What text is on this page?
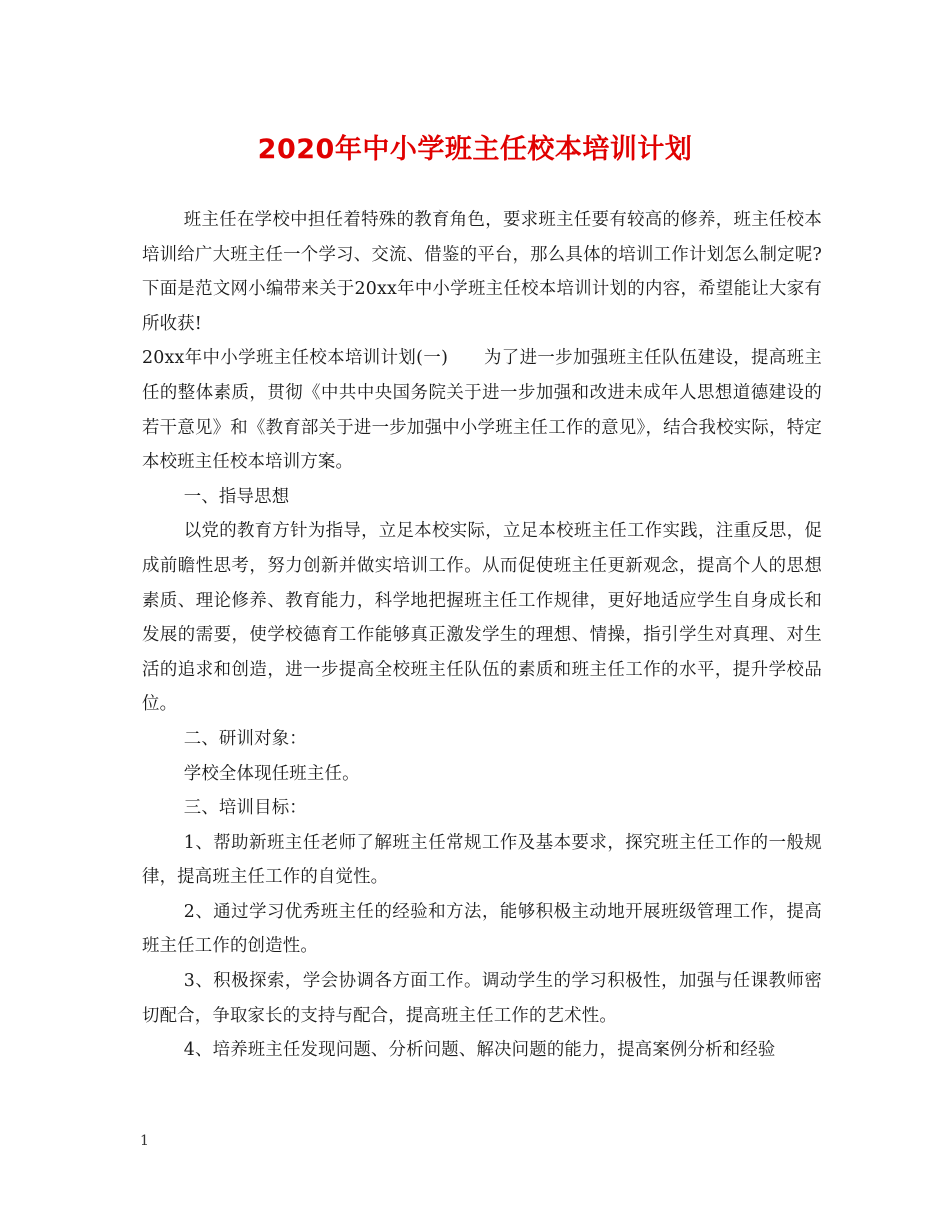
2020年中小学班主任校本培训计划

班主任在学校中担任着特殊的教育角色，要求班主任要有较高的修养，班主任校本培训给广大班主任一个学习、交流、借鉴的平台，那么具体的培训工作计划怎么制定呢?下面是范文网小编带来关于20xx年中小学班主任校本培训计划的内容，希望能让大家有所收获!

20xx年中小学班主任校本培训计划(一)　　为了进一步加强班主任队伍建设，提高班主任的整体素质，贯彻《中共中央国务院关于进一步加强和改进未成年人思想道德建设的若干意见》和《教育部关于进一步加强中小学班主任工作的意见》，结合我校实际，特定本校班主任校本培训方案。

一、指导思想

以党的教育方针为指导，立足本校实际，立足本校班主任工作实践，注重反思，促成前瞻性思考，努力创新并做实培训工作。从而促使班主任更新观念，提高个人的思想素质、理论修养、教育能力，科学地把握班主任工作规律，更好地适应学生自身成长和发展的需要，使学校德育工作能够真正激发学生的理想、情操，指引学生对真理、对生活的追求和创造，进一步提高全校班主任队伍的素质和班主任工作的水平，提升学校品位。

二、研训对象：

学校全体现任班主任。

三、培训目标：

1、帮助新班主任老师了解班主任常规工作及基本要求，探究班主任工作的一般规律，提高班主任工作的自觉性。

2、通过学习优秀班主任的经验和方法，能够积极主动地开展班级管理工作，提高班主任工作的创造性。

3、积极探索，学会协调各方面工作。调动学生的学习积极性，加强与任课教师密切配合，争取家长的支持与配合，提高班主任工作的艺术性。

4、培养班主任发现问题、分析问题、解决问题的能力，提高案例分析和经验

1
